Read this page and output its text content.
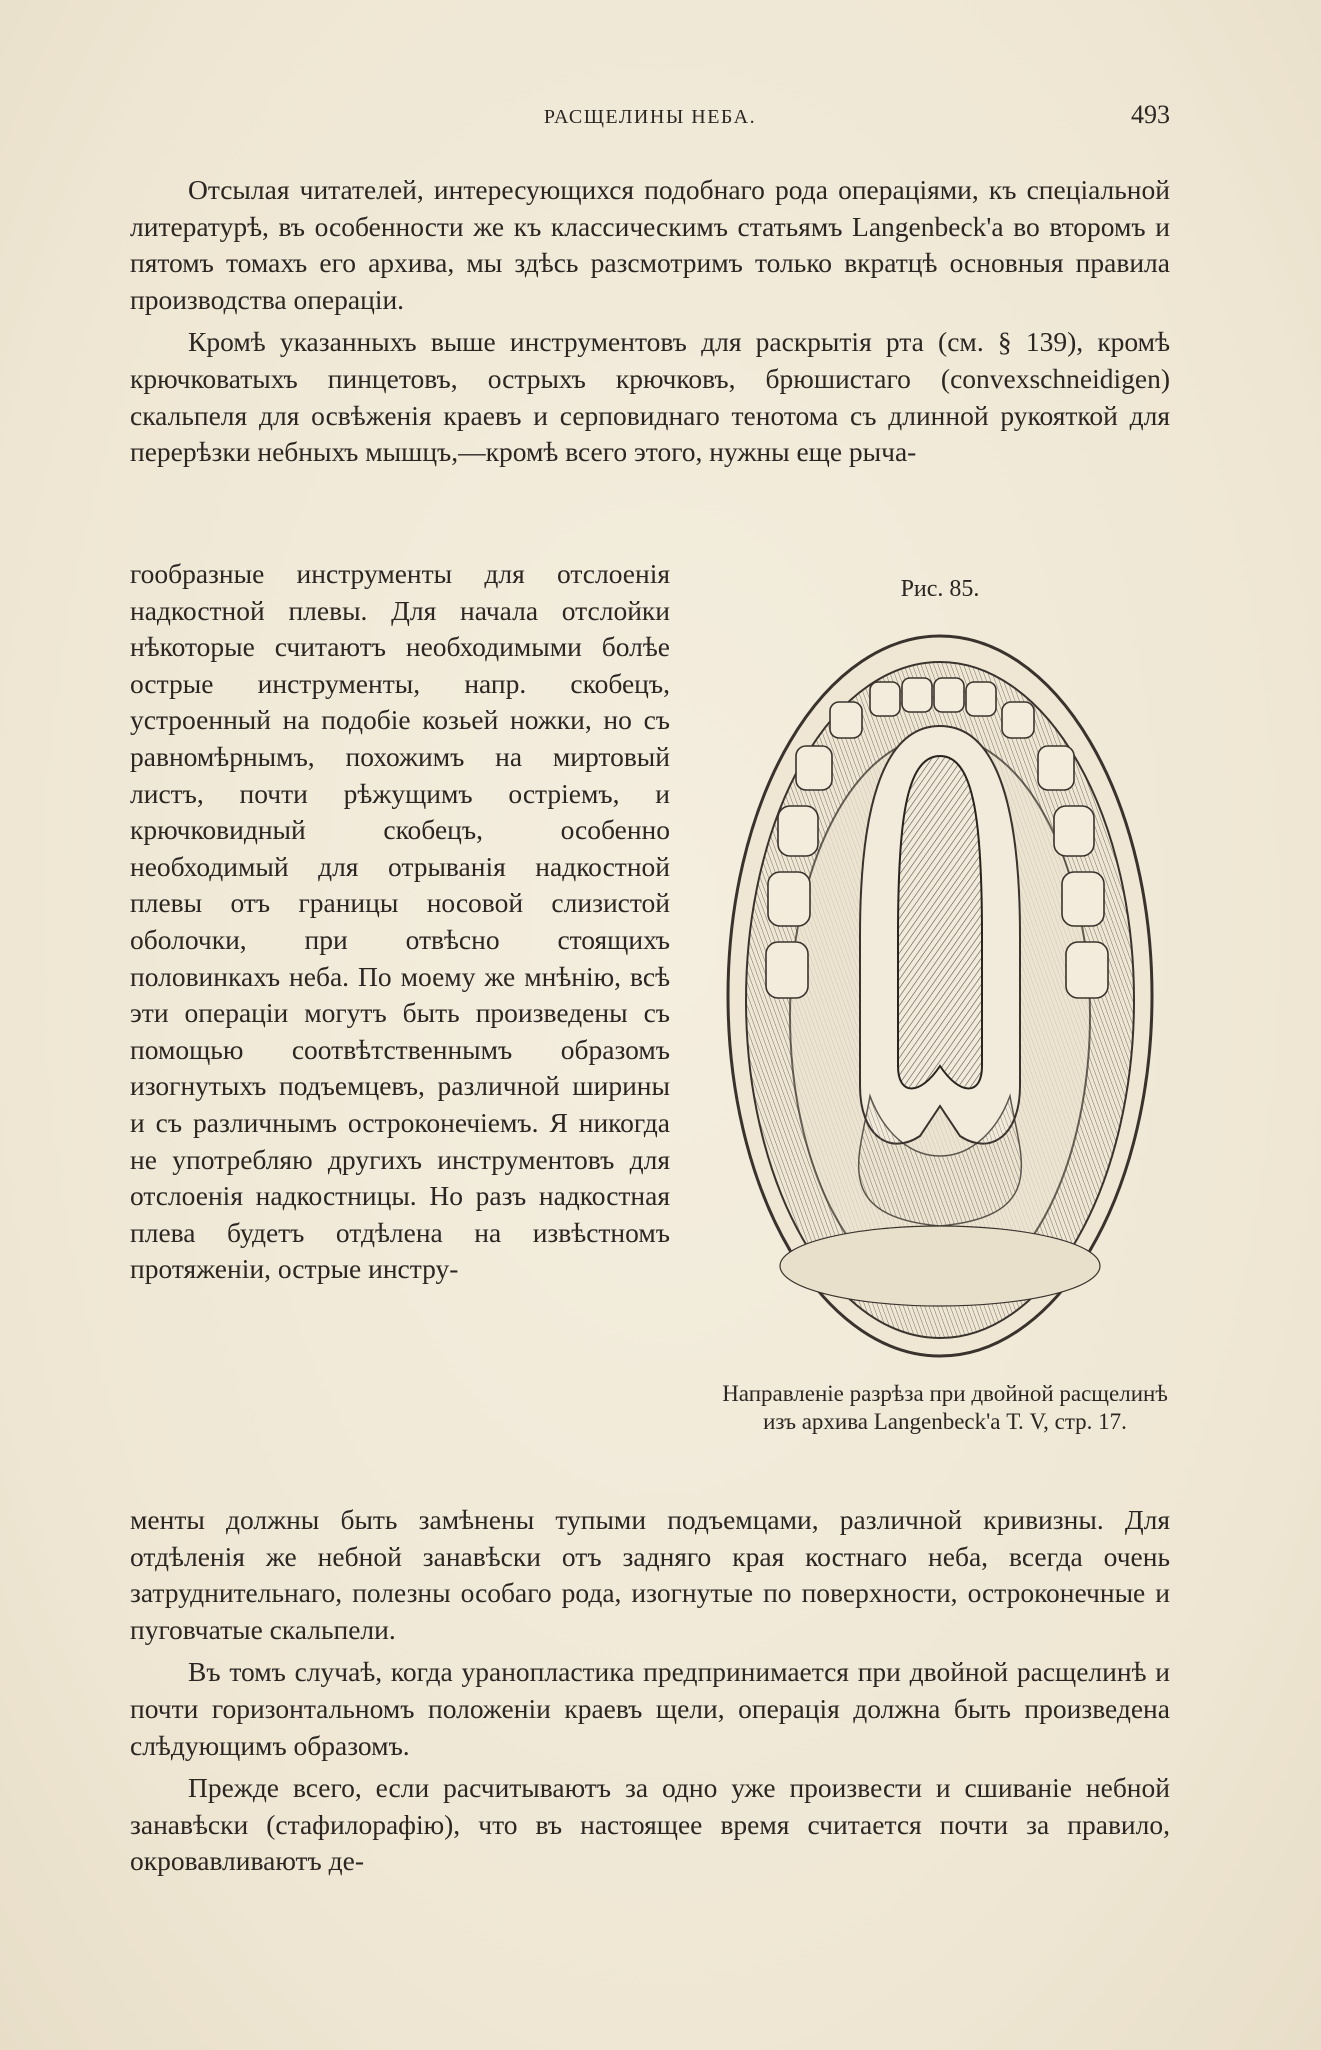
РАСЩЕЛИНЫ НЕБА.	493

Отсылая читателей, интересующихся подобнаго рода операціями, къ спеціальной литературѣ, въ особенности же къ классическимъ статьямъ Langenbeck'а во второмъ и пятомъ томахъ его архива, мы здѣсь разсмотримъ только вкратцѣ основныя правила производства операціи.

Кромѣ указанныхъ выше инструментовъ для раскрытія рта (см. § 139), кромѣ крючковатыхъ пинцетовъ, острыхъ крючковъ, брюшистаго (convexschneidigen) скальпеля для освѣженія краевъ и серповиднаго тенотома съ длинной рукояткой для перерѣзки небныхъ мышцъ,—кромѣ всего этого, нужны еще рыча-

гообразные инструменты для отслоенія надкостной плевы. Для начала отслойки нѣкоторые считаютъ необходимыми болѣе острые инструменты, напр. скобецъ, устроенный на подобіе козьей ножки, но съ равномѣрнымъ, похожимъ на миртовый листъ, почти рѣжущимъ остріемъ, и крючковидный скобецъ, особенно необходимый для отрыванія надкостной плевы отъ границы носовой слизистой оболочки, при отвѣсно стоящихъ половинкахъ неба. По моему же мнѣнію, всѣ эти операціи могутъ быть произведены съ помощью соотвѣтственнымъ образомъ изогнутыхъ подъемцевъ, различной ширины и съ различнымъ остроконечіемъ. Я никогда не употребляю другихъ инструментовъ для отслоенія надкостницы. Но разъ надкостная плева будетъ отдѣлена на извѣстномъ протяженіи, острые инстру-

Рис. 85.
Направленіе разрѣза при двойной расщелинѣ изъ архива Langenbeck'а Т. V, стр. 17.

менты должны быть замѣнены тупыми подъемцами, различной кривизны. Для отдѣленія же небной занавѣски отъ задняго края костнаго неба, всегда очень затруднительнаго, полезны особаго рода, изогнутые по поверхности, остроконечные и пуговчатые скальпели.

Въ томъ случаѣ, когда уранопластика предпринимается при двойной расщелинѣ и почти горизонтальномъ положеніи краевъ щели, операція должна быть произведена слѣдующимъ образомъ.

Прежде всего, если расчитываютъ за одно уже произвести и сшиваніе небной занавѣски (стафилорафію), что въ настоящее время считается почти за правило, окровавливаютъ де-
